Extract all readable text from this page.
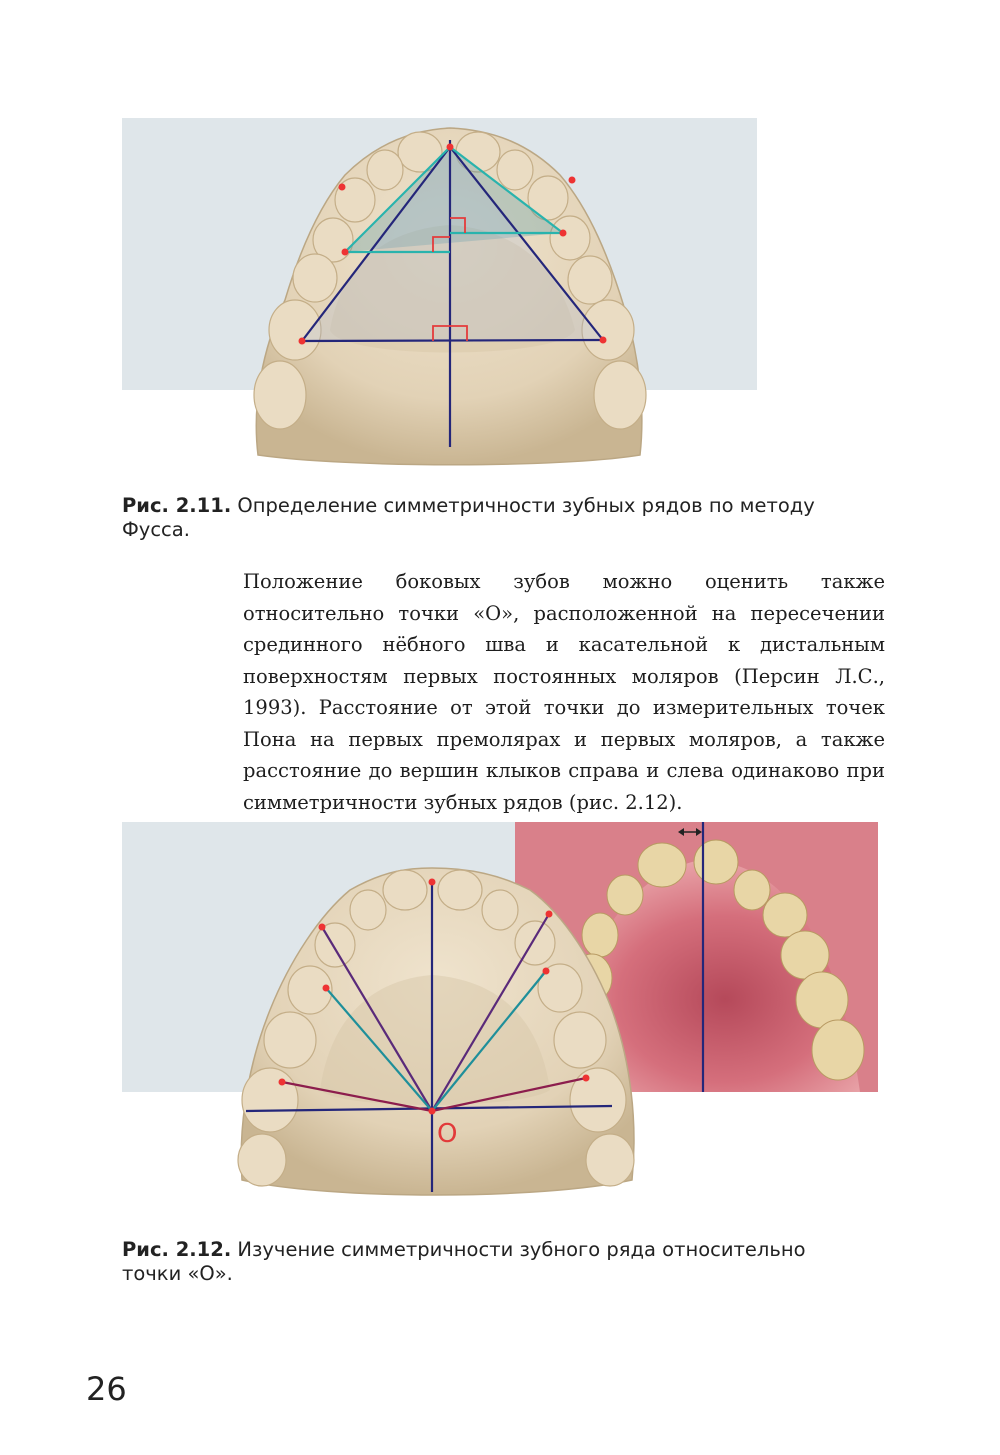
Рис. 2.11. Определение симметричности зубных рядов по методу Фусса.

Положение боковых зубов можно оценить также относительно точки «О», расположенной на пересечении срединного нёбного шва и касательной к дистальным поверхностям первых постоянных моляров (Персин Л.С., 1993). Расстояние от этой точки до измерительных точек Пона на первых премолярах и первых моляров, а также расстояние до вершин клыков справа и слева одинаково при симметричности зубных рядов (рис. 2.12).

O
Рис. 2.12. Изучение симметричности зубного ряда относительно точки «О».
26
